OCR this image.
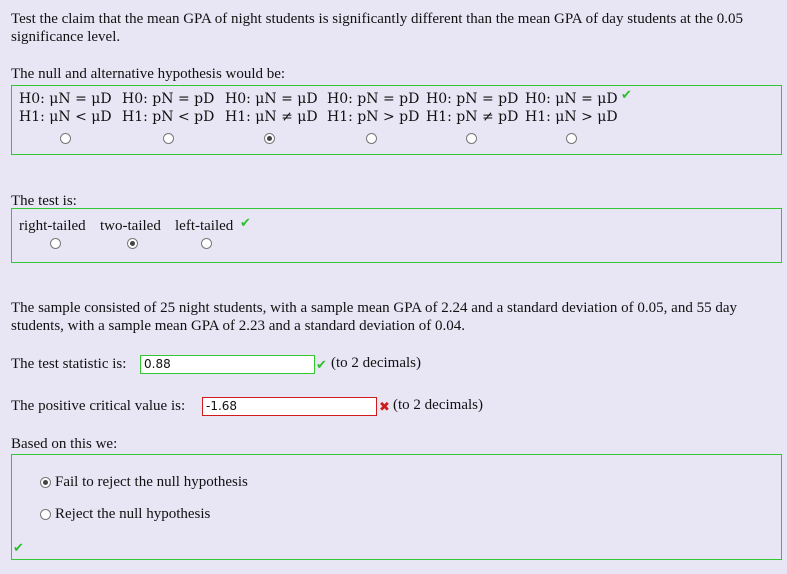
Test the claim that the mean GPA of night students is significantly different than the mean GPA of day students at the 0.05 significance level.
The null and alternative hypothesis would be:
H0: μN = μD
H1: μN < μD
H0: pN = pD
H1: pN < pD
H0: μN = μD
H1: μN ≠ μD
H0: pN = pD
H1: pN > pD
H0: pN = pD
H1: pN ≠ pD
H0: μN = μD
H1: μN > μD
✔
The test is:
right-tailed two-tailed left-tailed ✔
The sample consisted of 25 night students, with a sample mean GPA of 2.24 and a standard deviation of 0.05, and 55 day students, with a sample mean GPA of 2.23 and a standard deviation of 0.04.
The test statistic is:	0.88	✔ (to 2 decimals)
The positive critical value is:	-1.68	✖ (to 2 decimals)
Based on this we:
Fail to reject the null hypothesis
Reject the null hypothesis
✔
